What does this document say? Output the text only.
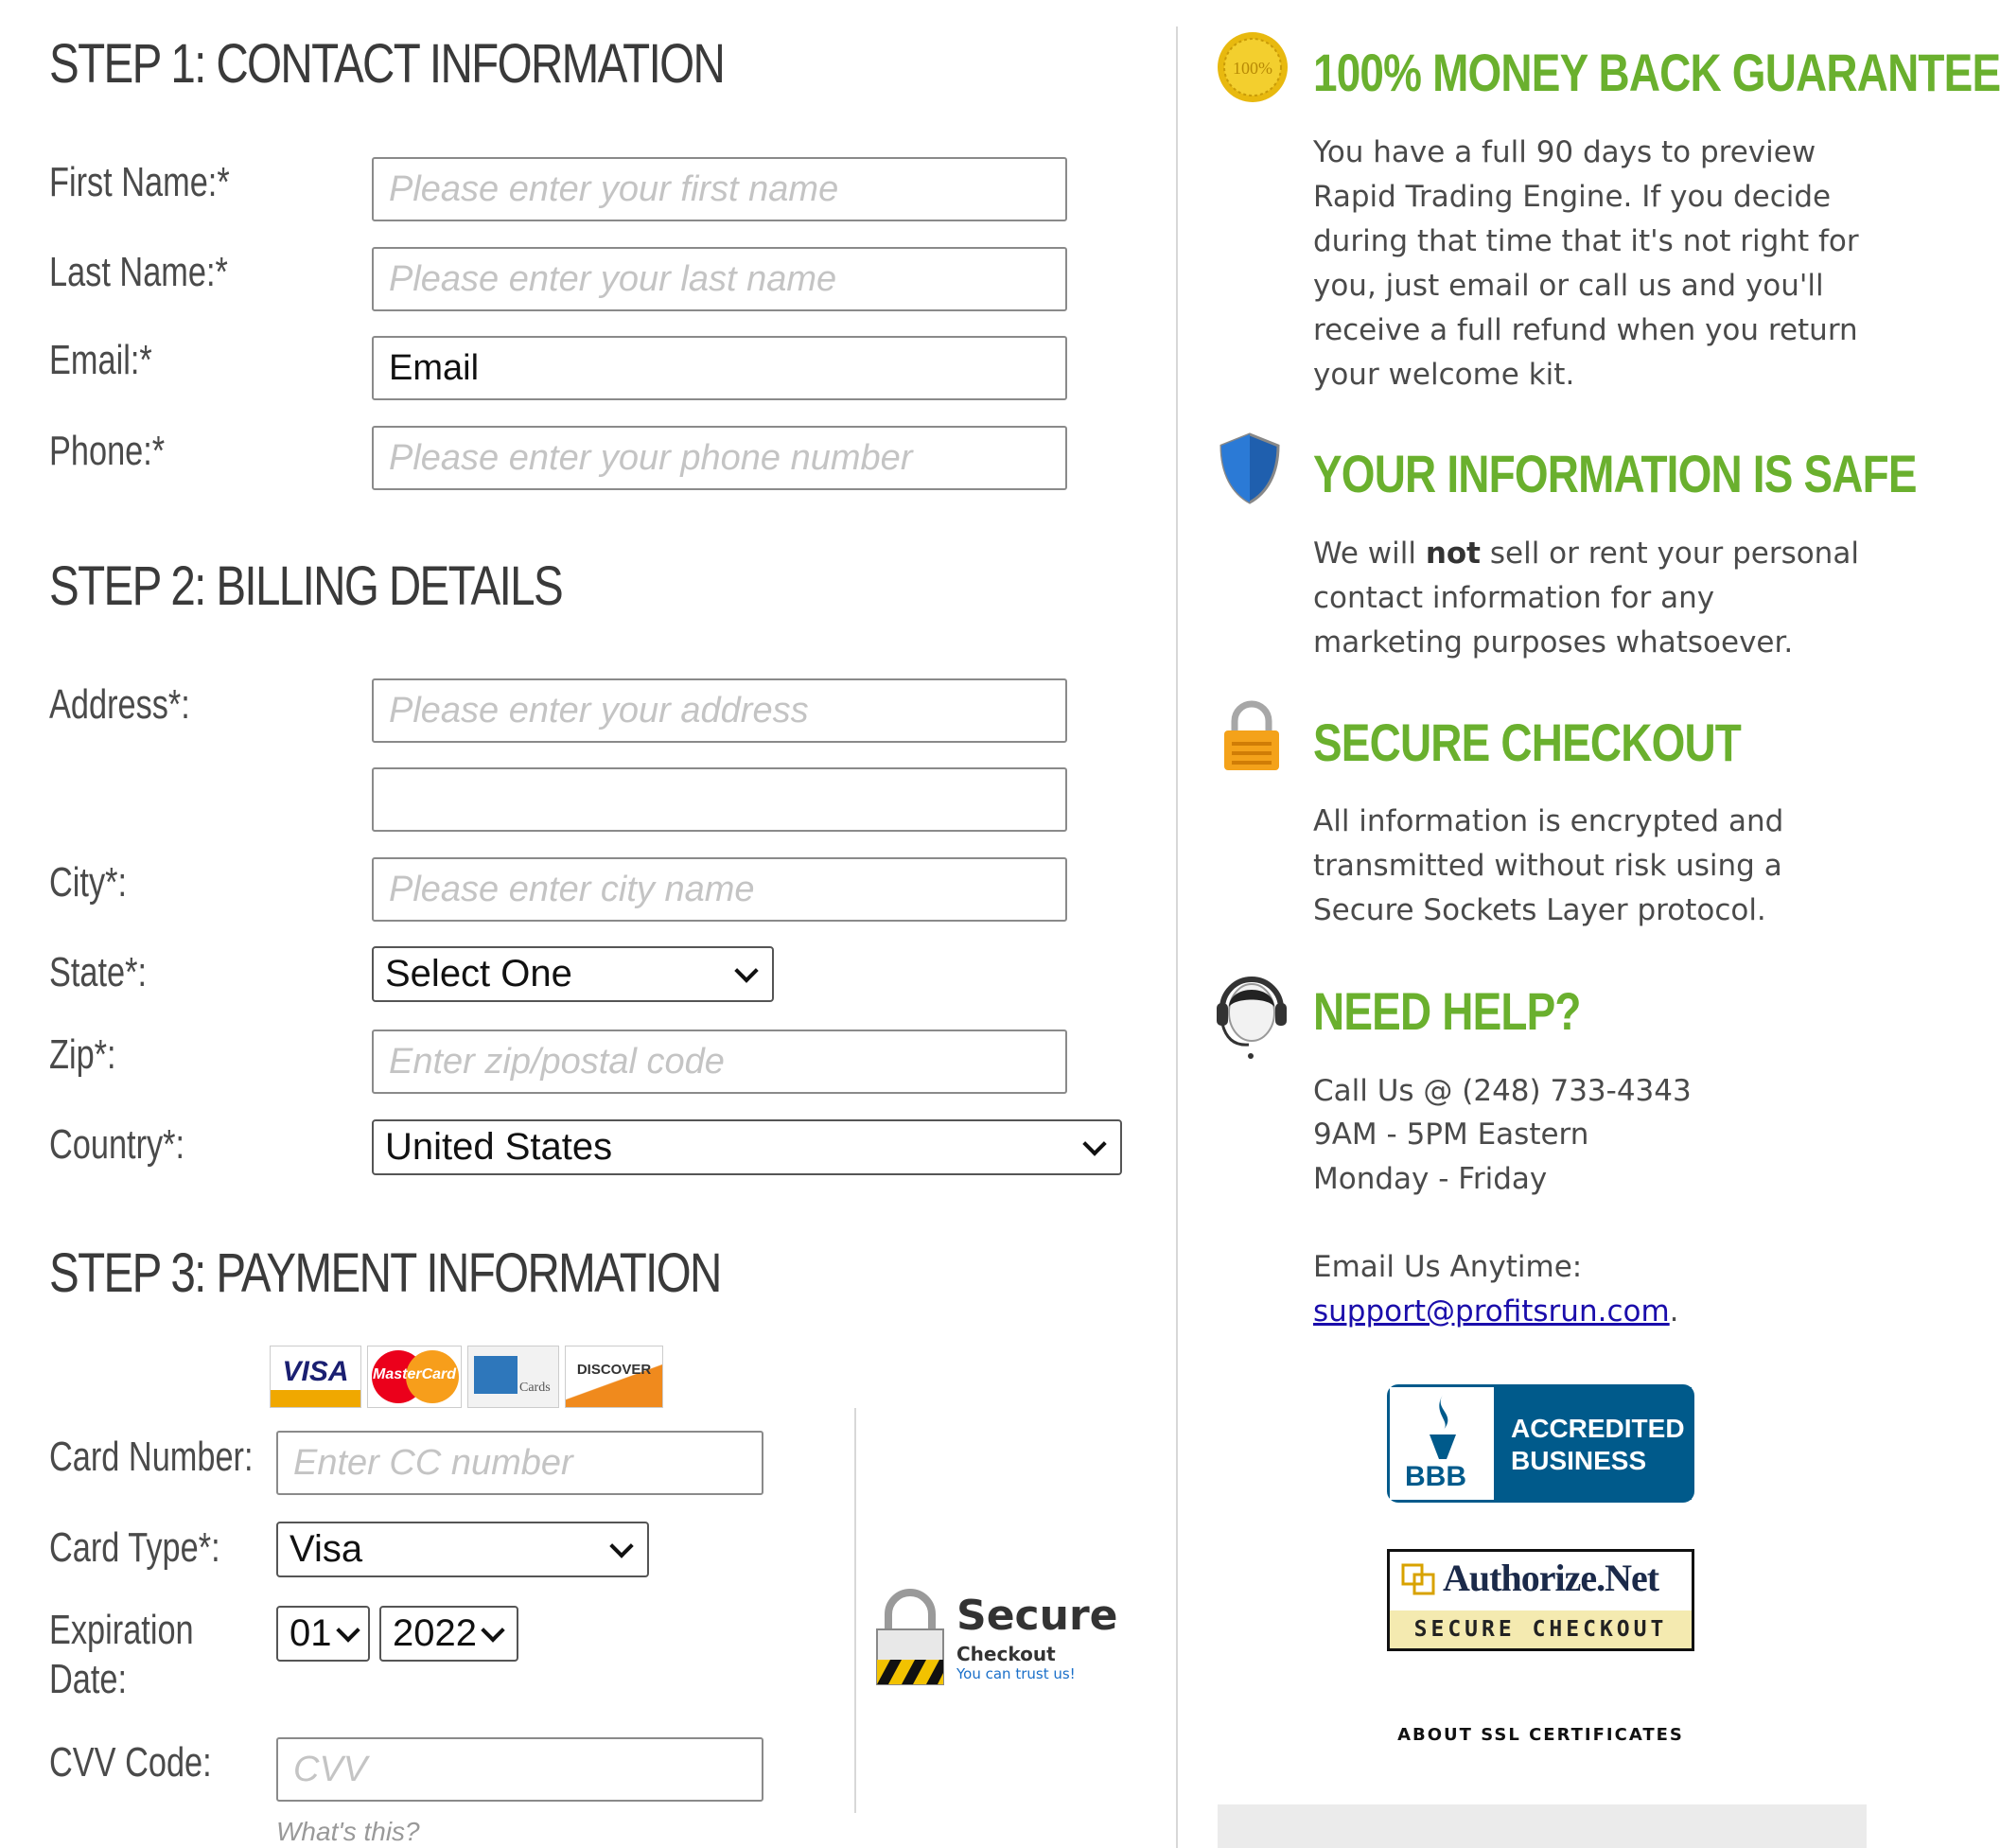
STEP 1: CONTACT INFORMATION
First Name:*
Please enter your first name
Last Name:*
Please enter your last name
Email:*
Email
Phone:*
Please enter your phone number
STEP 2: BILLING DETAILS
Address*:
Please enter your address
City*:
Please enter city name
State*:	Select One
Zip*:
Enter zip/postal code
Country*:	United States
STEP 3: PAYMENT INFORMATION
VISA	MasterCard
Cards
DISCOVER
Card Number:
Enter CC number
Card Type*: Visa
Expiration
Date:
01 2022
CVV Code:
CVV
What's this?
Secure
Checkout
You can trust us!
100% 100% MONEY BACK GUARANTEE
You have a full 90 days to preview Rapid Trading Engine. If you decide during that time that it's not right for you, just email or call us and you'll receive a full refund when you return your welcome kit.
YOUR INFORMATION IS SAFE
We will not sell or rent your personal contact information for any marketing purposes whatsoever.
SECURE CHECKOUT
All information is encrypted and transmitted without risk using a Secure Sockets Layer protocol.
NEED HELP?
Call Us @ (248) 733-4343
9AM - 5PM Eastern
Monday - Friday
Email Us Anytime:
support@profitsrun.com.
BBB
ACCREDITED
BUSINESS
Authorize.Net
SECURE CHECKOUT
ABOUT SSL CERTIFICATES
